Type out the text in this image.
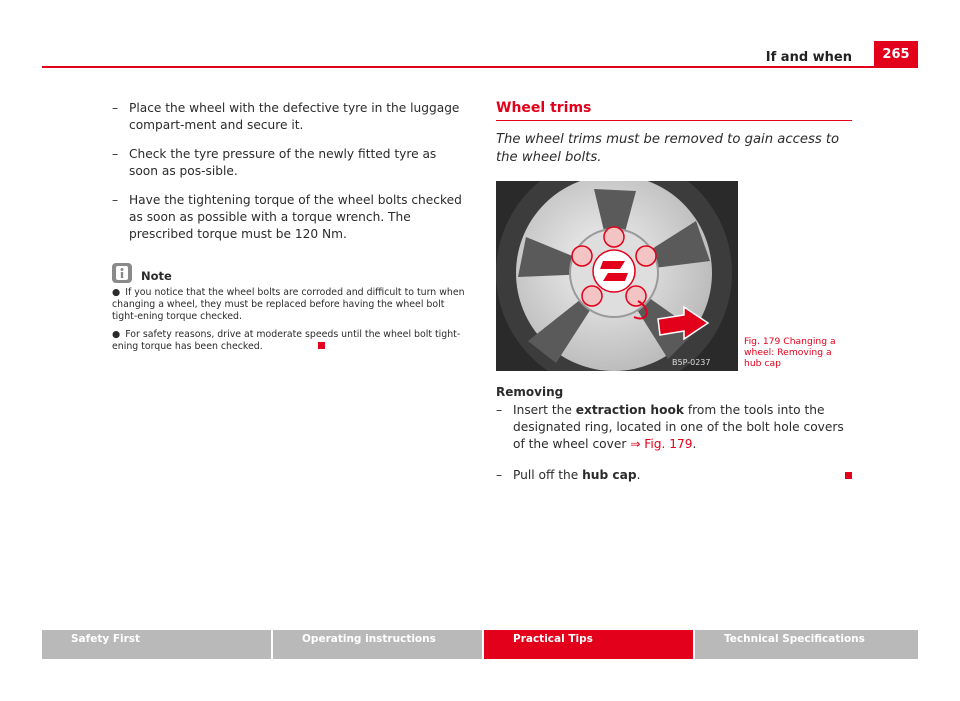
If and when	265
– Place the wheel with the defective tyre in the luggage compart-ment and secure it.
– Check the tyre pressure of the newly fitted tyre as soon as pos-sible.
– Have the tightening torque of the wheel bolts checked as soon as possible with a torque wrench. The prescribed torque must be 120 Nm.
Note
● If you notice that the wheel bolts are corroded and difficult to turn when changing a wheel, they must be replaced before having the wheel bolt tight-ening torque checked.
● For safety reasons, drive at moderate speeds until the wheel bolt tight-ening torque has been checked.
Wheel trims
The wheel trims must be removed to gain access to the wheel bolts.
B5P-0237
Fig. 179 Changing a wheel: Removing a hub cap
Removing
– Insert the extraction hook from the tools into the designated ring, located in one of the bolt hole covers of the wheel cover ⇒ Fig. 179.
– Pull off the hub cap.
Safety First	Operating instructions	Practical Tips	Technical Specifications
